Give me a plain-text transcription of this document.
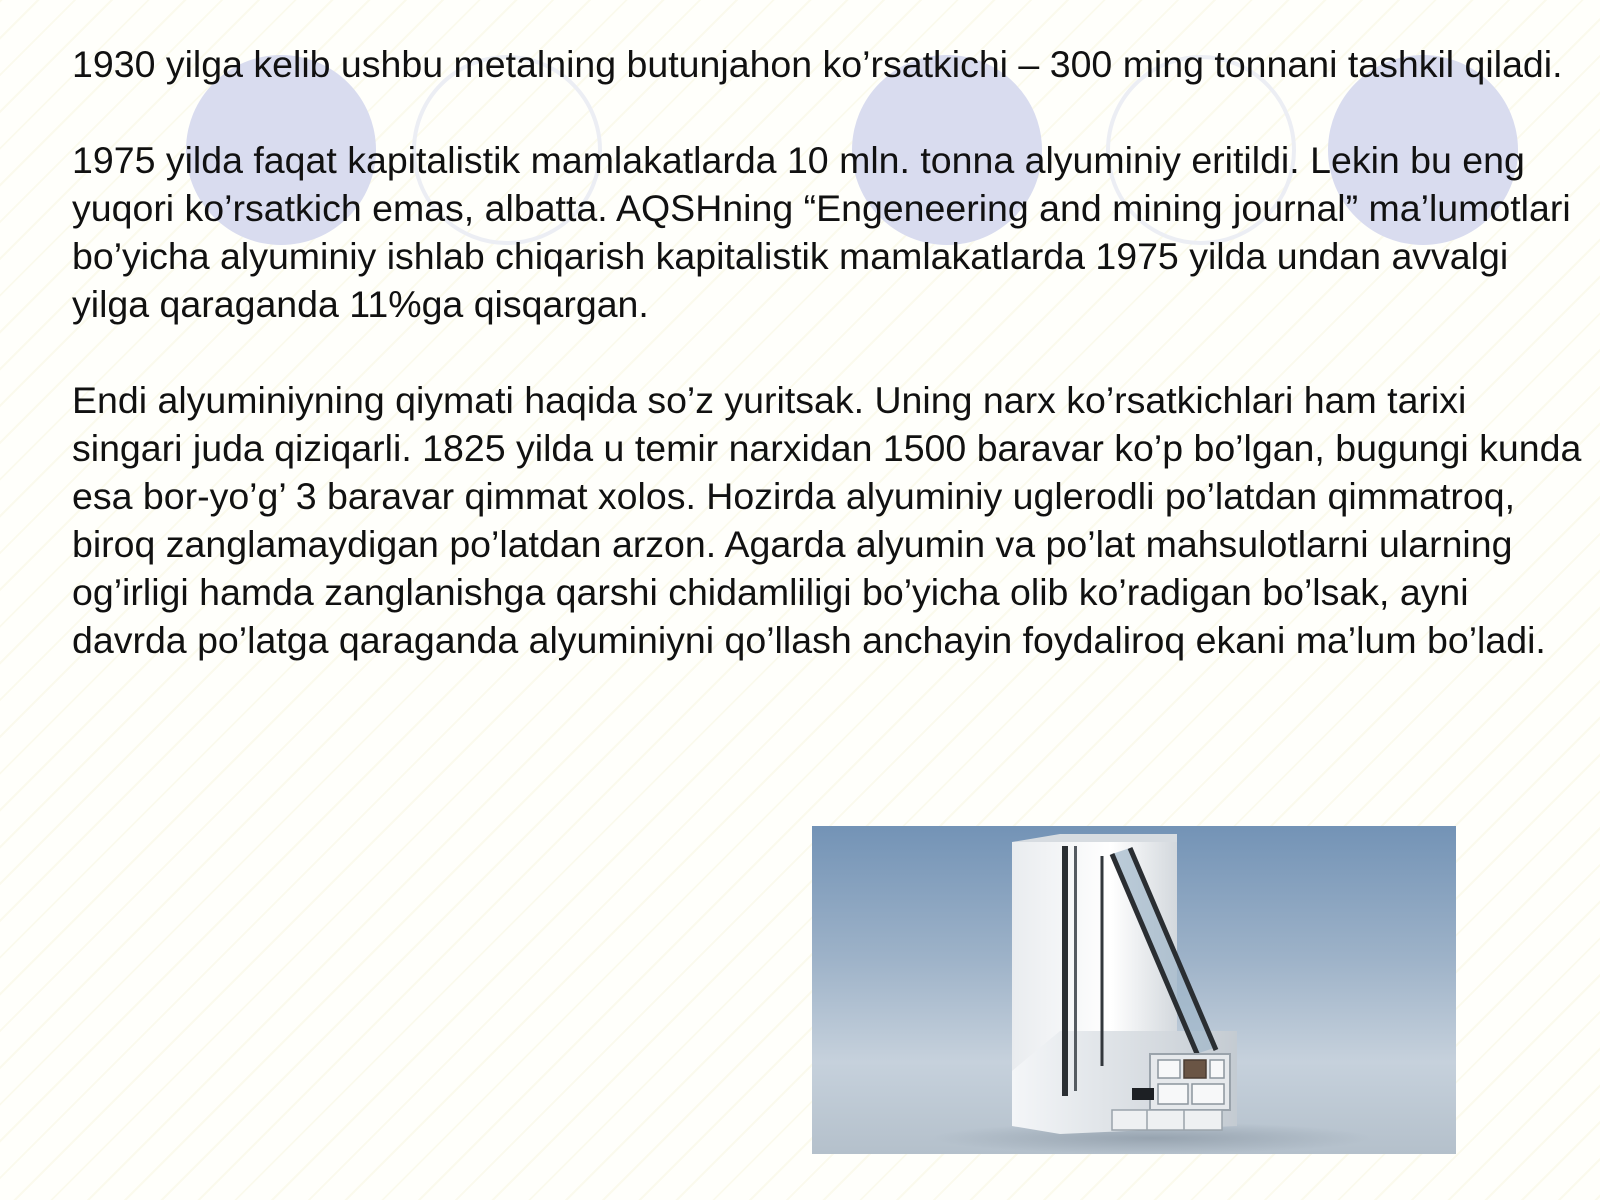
1930 yilga kelib ushbu metalning butunjahon ko’rsatkichi – 300 ming tonnani tashkil qiladi.

1975 yilda faqat kapitalistik mamlakatlarda 10 mln. tonna alyuminiy eritildi. Lekin bu eng yuqori ko’rsatkich emas, albatta. AQSHning “Engeneering and mining journal” ma’lumotlari bo’yicha alyuminiy ishlab chiqarish kapitalistik mamlakatlarda 1975 yilda undan avvalgi yilga qaraganda 11%ga qisqargan.

Endi alyuminiyning qiymati haqida so’z yuritsak. Uning narx ko’rsatkichlari ham tarixi singari juda qiziqarli. 1825 yilda u temir narxidan 1500 baravar ko’p bo’lgan, bugungi kunda esa bor-yo’g’ 3 baravar qimmat xolos. Hozirda alyuminiy uglerodli po’latdan qimmatroq, biroq zanglamaydigan po’latdan arzon. Agarda alyumin va po’lat mahsulotlarni ularning og’irligi hamda zanglanishga qarshi chidamliligi bo’yicha olib ko’radigan bo’lsak, ayni davrda po’latga qaraganda alyuminiyni qo’llash anchayin foydaliroq ekani ma’lum bo’ladi.
